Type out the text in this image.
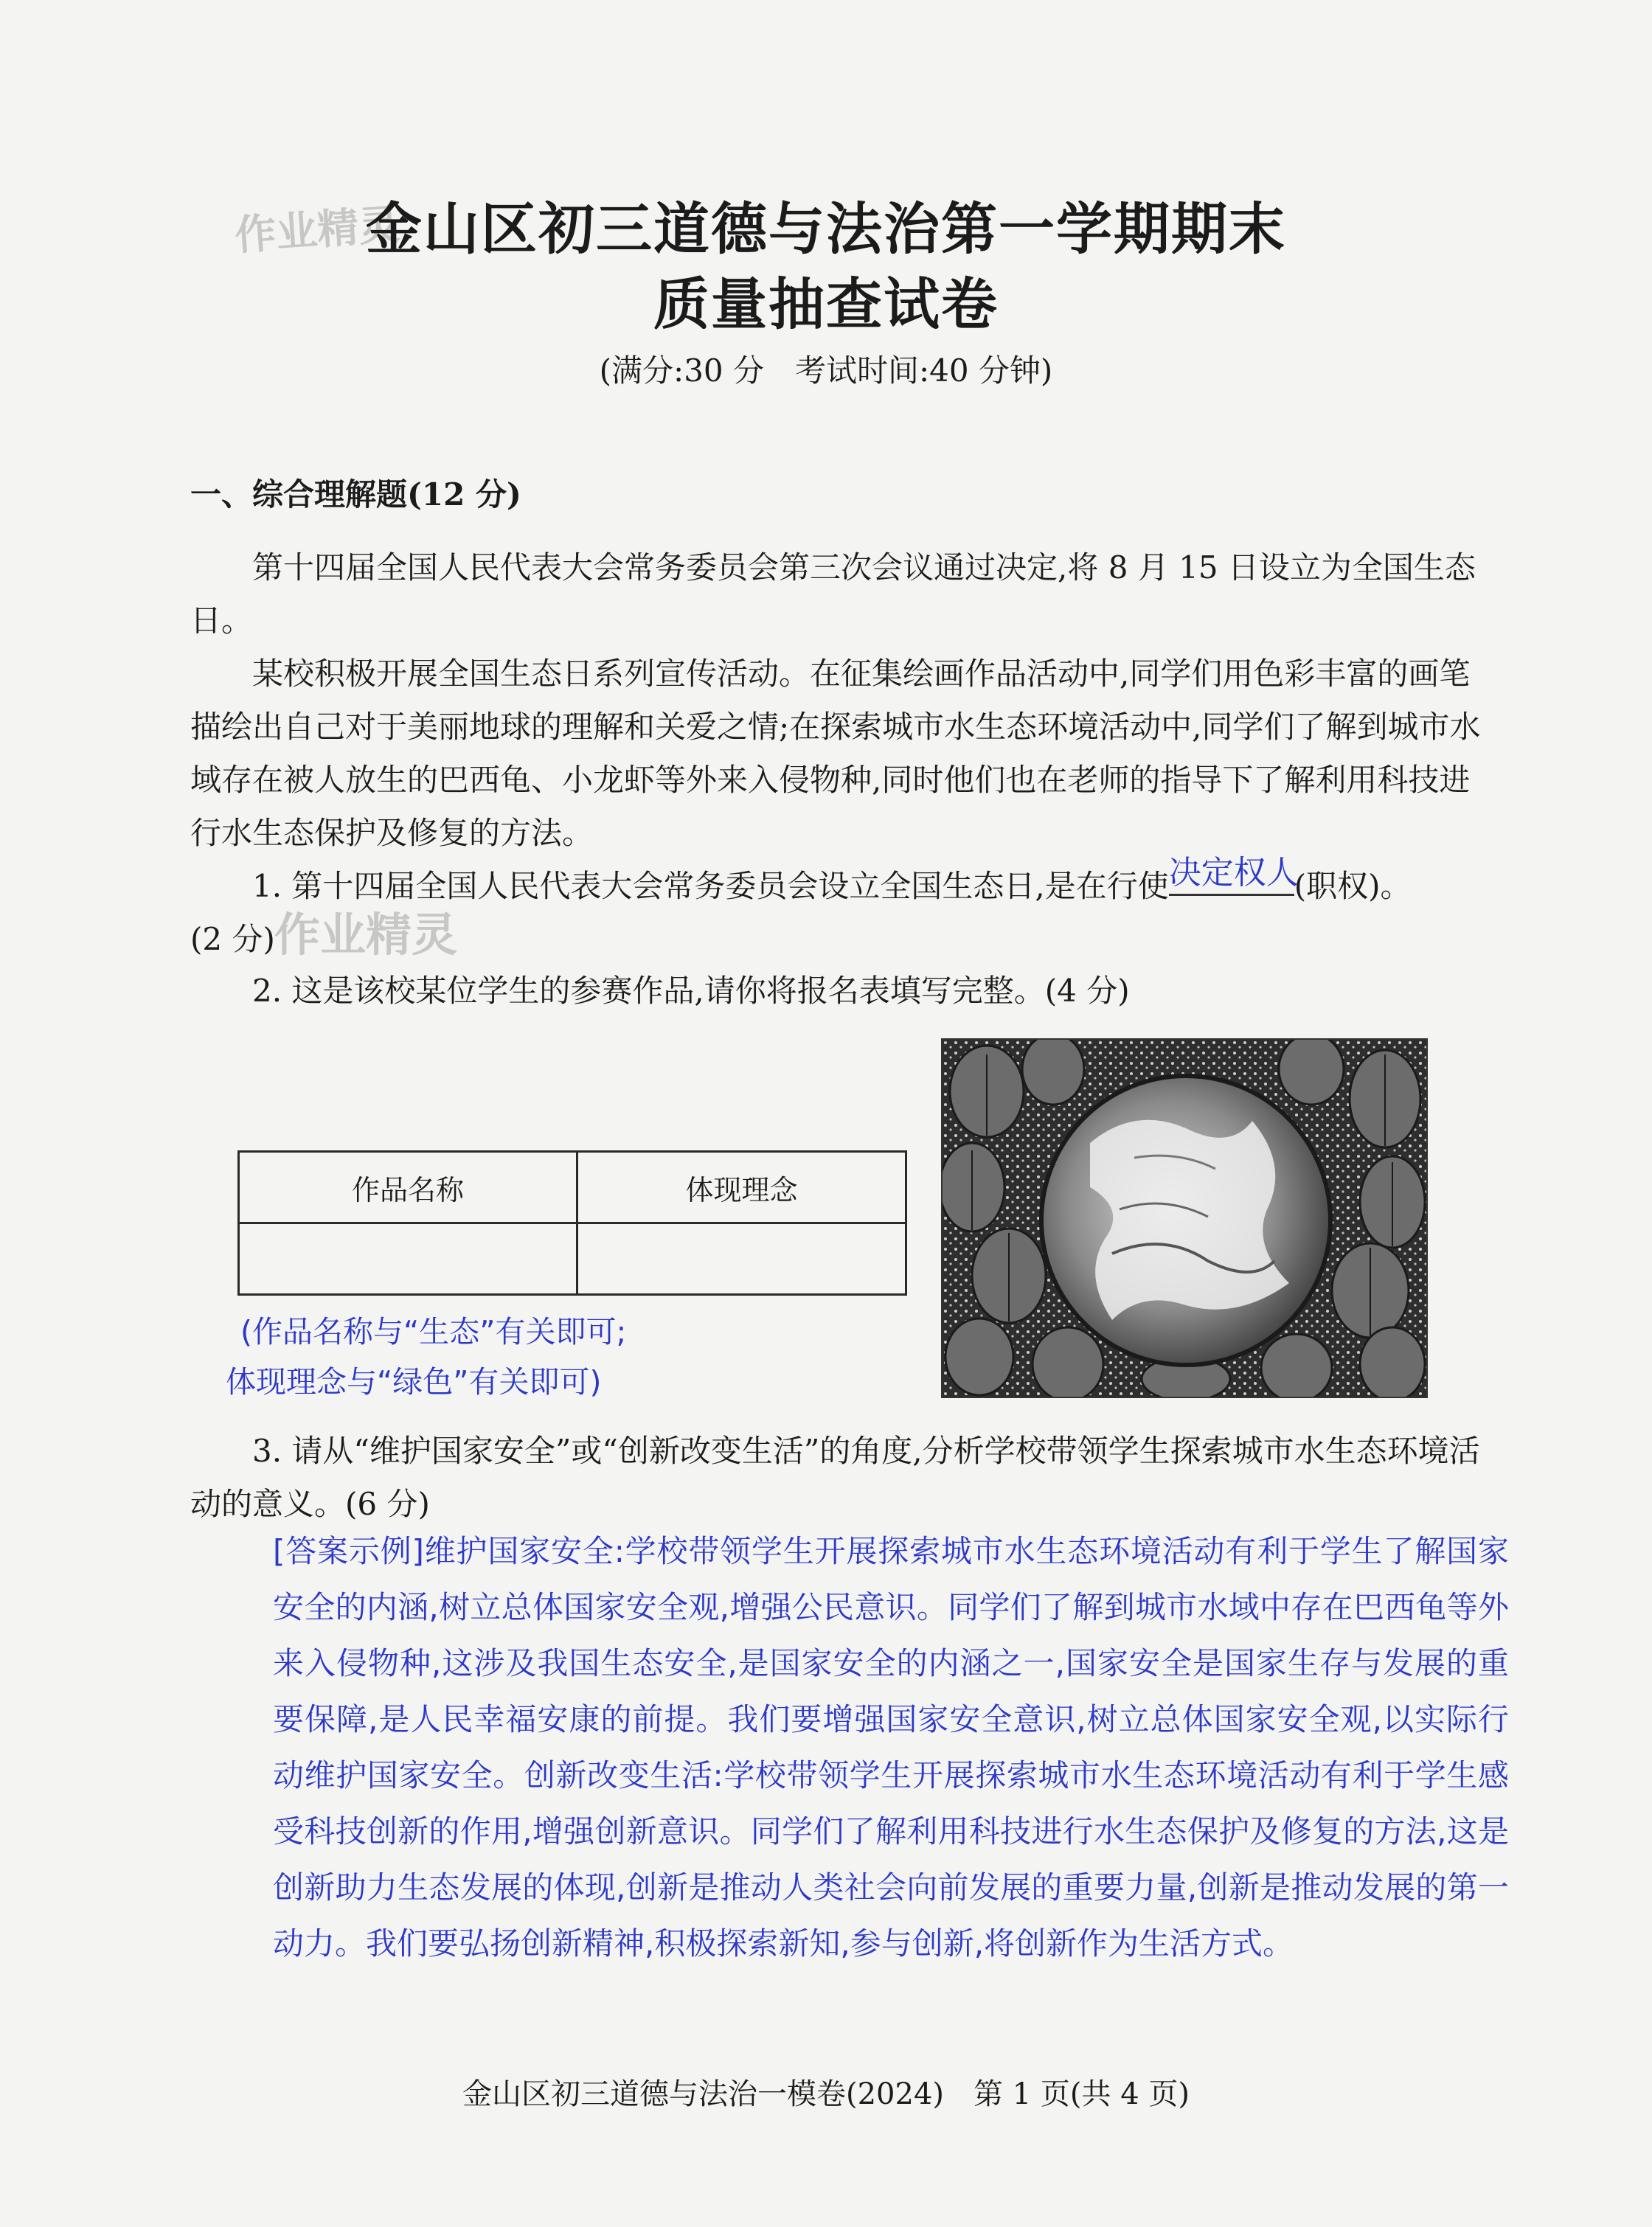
作业精灵
作业精灵
金山区初三道德与法治第一学期期末
质量抽查试卷
(满分:30 分　考试时间:40 分钟)
一、综合理解题(12 分)
第十四届全国人民代表大会常务委员会第三次会议通过决定,将 8 月 15 日设立为全国生态日。
某校积极开展全国生态日系列宣传活动。在征集绘画作品活动中,同学们用色彩丰富的画笔描绘出自己对于美丽地球的理解和关爱之情;在探索城市水生态环境活动中,同学们了解到城市水域存在被人放生的巴西龟、小龙虾等外来入侵物种,同时他们也在老师的指导下了解利用科技进行水生态保护及修复的方法。
1. 第十四届全国人民代表大会常务委员会设立全国生态日,是在行使决定权人(职权)。
(2 分)
2. 这是该校某位学生的参赛作品,请你将报名表填写完整。(4 分)
作品名称	体现理念

(作品名称与“生态”有关即可;
体现理念与“绿色”有关即可)
3. 请从“维护国家安全”或“创新改变生活”的角度,分析学校带领学生探索城市水生态环境活动的意义。(6 分)
[答案示例]维护国家安全:学校带领学生开展探索城市水生态环境活动有利于学生了解国家安全的内涵,树立总体国家安全观,增强公民意识。同学们了解到城市水域中存在巴西龟等外来入侵物种,这涉及我国生态安全,是国家安全的内涵之一,国家安全是国家生存与发展的重要保障,是人民幸福安康的前提。我们要增强国家安全意识,树立总体国家安全观,以实际行动维护国家安全。创新改变生活:学校带领学生开展探索城市水生态环境活动有利于学生感受科技创新的作用,增强创新意识。同学们了解利用科技进行水生态保护及修复的方法,这是创新助力生态发展的体现,创新是推动人类社会向前发展的重要力量,创新是推动发展的第一动力。我们要弘扬创新精神,积极探索新知,参与创新,将创新作为生活方式。
金山区初三道德与法治一模卷(2024)　第 1 页(共 4 页)
